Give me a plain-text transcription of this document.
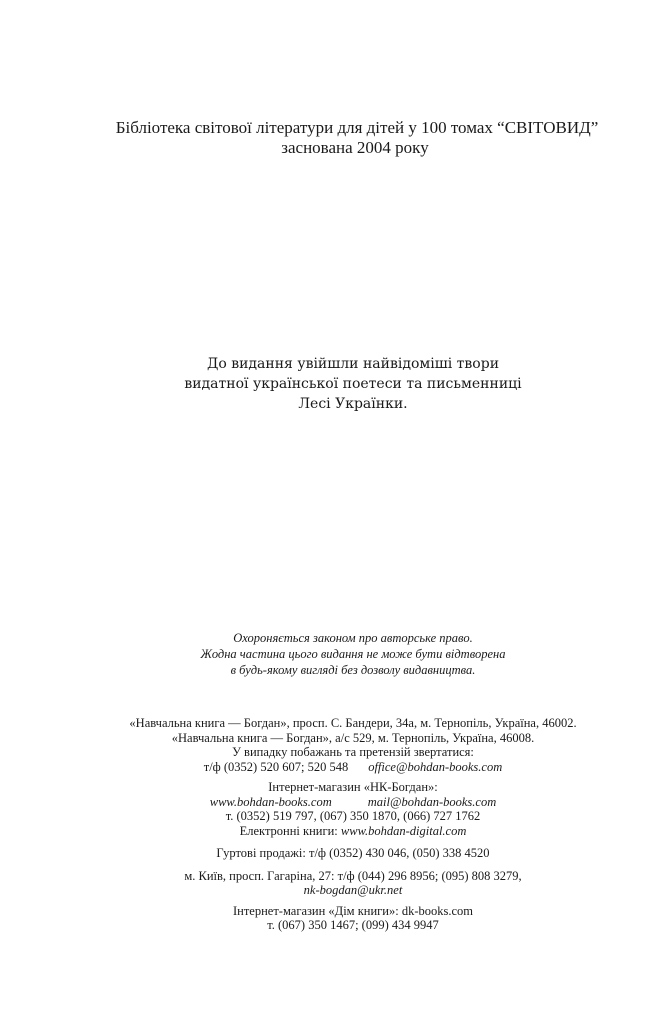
Бібліотека світової літератури для дітей у 100 томах “СВІТОВИД”
заснована 2004 року
До видання увійшли найвідоміші твори
видатної української поетеси та письменниці
Лесі Українки.
Охороняється законом про авторське право.
Жодна частина цього видання не може бути відтворена
в будь-якому вигляді без дозволу видавництва.
«Навчальна книга — Богдан», просп. С. Бандери, 34а, м. Тернопіль, Україна, 46002.
«Навчальна книга — Богдан», а/с 529, м. Тернопіль, Україна, 46008.
У випадку побажань та претензій звертатися:
т/ф (0352) 520 607; 520 548 office@bohdan-books.com
Інтернет-магазин «НК-Богдан»:
www.bohdan-books.com	mail@bohdan-books.com
т. (0352) 519 797, (067) 350 1870, (066) 727 1762
Електронні книги: www.bohdan-digital.com
Гуртові продажі: т/ф (0352) 430 046, (050) 338 4520
м. Київ, просп. Гагаріна, 27: т/ф (044) 296 8956; (095) 808 3279,
nk-bogdan@ukr.net
Інтернет-магазин «Дім книги»: dk-books.com
т. (067) 350 1467; (099) 434 9947
